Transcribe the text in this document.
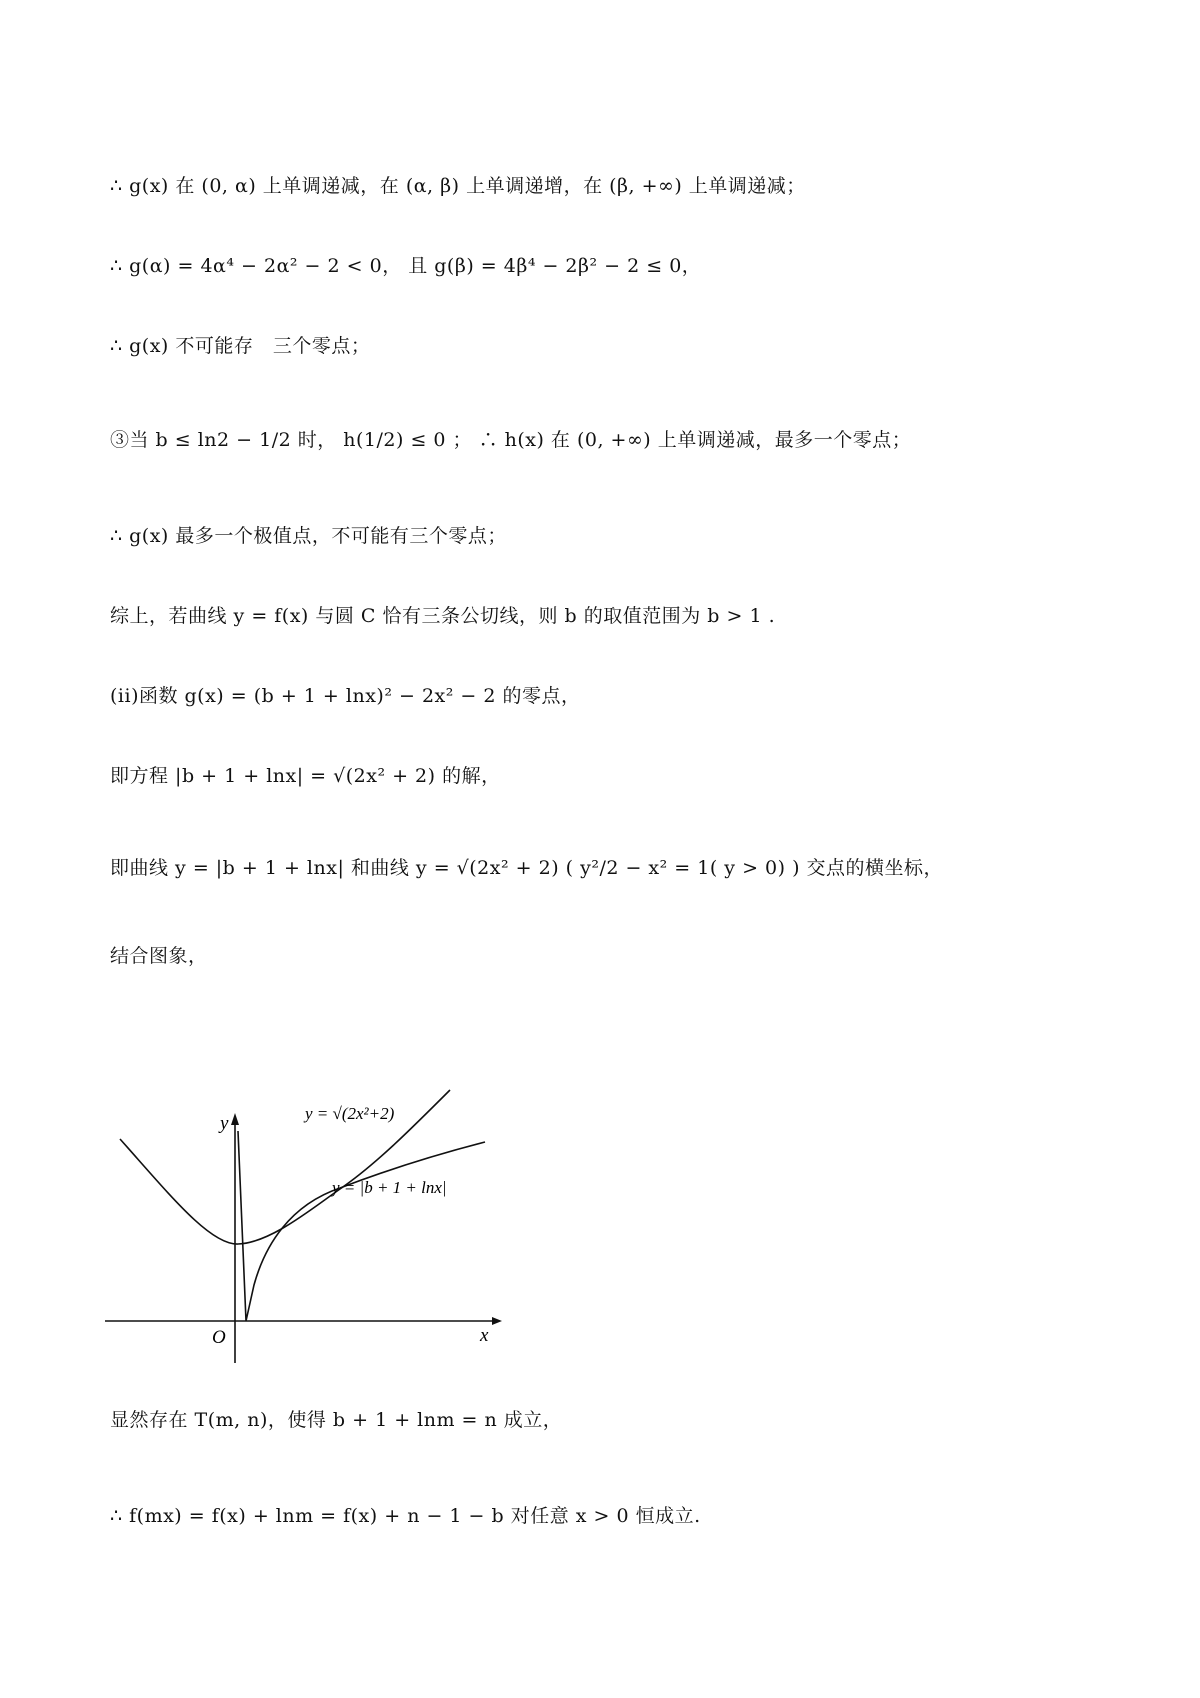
∴ g(x) 在 (0, α) 上单调递减，在 (α, β) 上单调递增，在 (β, +∞) 上单调递减；
∴ g(α) = 4α⁴ − 2α² − 2 < 0， 且 g(β) = 4β⁴ − 2β² − 2 ≤ 0，
∴ g(x) 不可能存　三个零点；
③当 b ≤ ln2 − 1/2 时， h(1/2) ≤ 0 ； ∴ h(x) 在 (0, +∞) 上单调递减，最多一个零点；
∴ g(x) 最多一个极值点，不可能有三个零点；
综上，若曲线 y = f(x) 与圆 C 恰有三条公切线，则 b 的取值范围为 b > 1 .
(ii)函数 g(x) = (b + 1 + lnx)² − 2x² − 2 的零点，
即方程 |b + 1 + lnx| = √(2x² + 2) 的解，
即曲线 y = |b + 1 + lnx| 和曲线 y = √(2x² + 2) ( y²/2 − x² = 1( y > 0) ) 交点的横坐标，
结合图象，
y
x
O
y = √(2x²+2)
y = |b + 1 + lnx|
显然存在 T(m, n)，使得 b + 1 + lnm = n 成立，
∴ f(mx) = f(x) + lnm = f(x) + n − 1 − b 对任意 x > 0 恒成立.
